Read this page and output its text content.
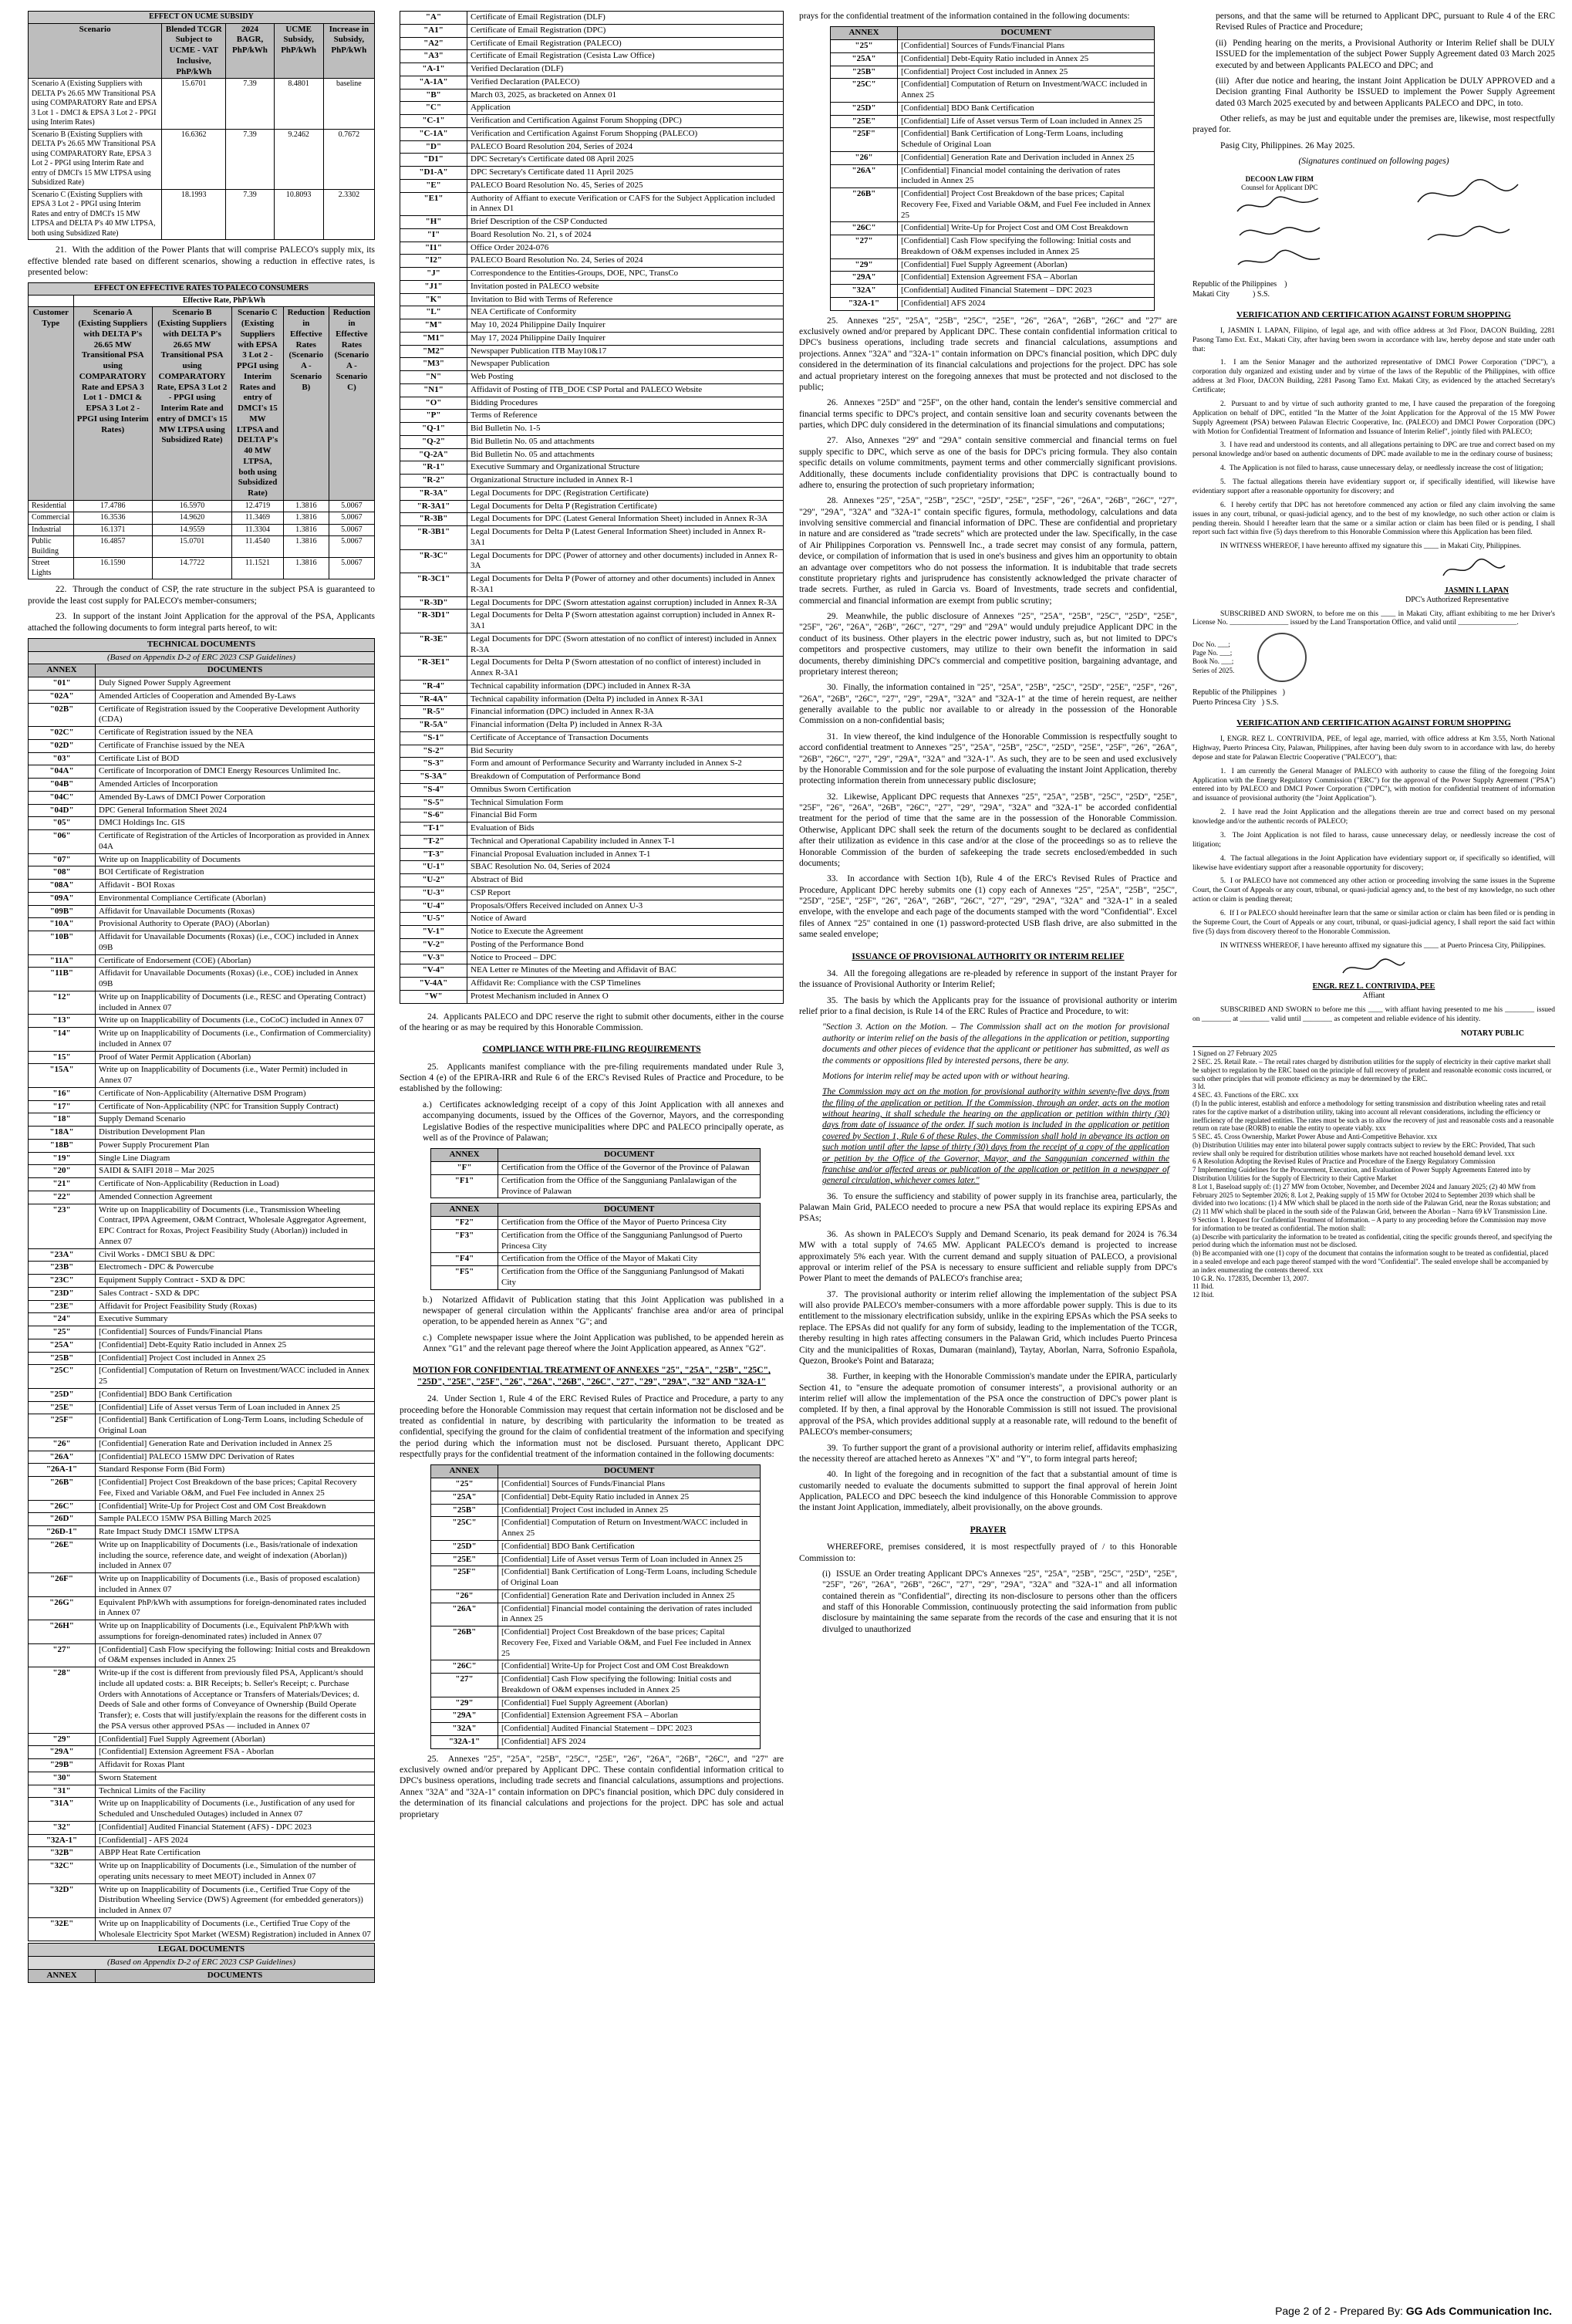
EFFECT ON UCME SUBSIDY				
Scenario	Blended TCGR Subject to UCME - VAT Inclusive, PhP/kWh	2024 BAGR, PhP/kWh	UCME Subsidy, PhP/kWh	Increase in Subsidy, PhP/kWh
Scenario A (Existing Suppliers with DELTA P's 26.65 MW Transitional PSA using COMPARATORY Rate and EPSA 3 Lot 1 - DMCI & EPSA 3 Lot 2 - PPGI using Interim Rates)	15.6701	7.39	8.4801	baseline
Scenario B (Existing Suppliers with DELTA P's 26.65 MW Transitional PSA using COMPARATORY Rate, EPSA 3 Lot 2 - PPGI using Interim Rate and entry of DMCI's 15 MW LTPSA using Subsidized Rate)	16.6362	7.39	9.2462	0.7672
Scenario C (Existing Suppliers with EPSA 3 Lot 2 - PPGI using Interim Rates and entry of DMCI's 15 MW LTPSA and DELTA P's 40 MW LTPSA, both using Subsidized Rate)	18.1993	7.39	10.8093	2.3302

21.  With the addition of the Power Plants that will comprise PALECO's supply mix, its effective blended rate based on different scenarios, showing a reduction in effective rates, is presented below:

EFFECT ON EFFECTIVE RATES TO PALECO CONSUMERS					
	Effective Rate, PhP/kWh				
Customer Type	Scenario A (Existing Suppliers with DELTA P's 26.65 MW Transitional PSA using COMPARATORY Rate and EPSA 3 Lot 1 - DMCI & EPSA 3 Lot 2 - PPGI using Interim Rates)	Scenario B (Existing Suppliers with DELTA P's 26.65 MW Transitional PSA using COMPARATORY Rate, EPSA 3 Lot 2 - PPGI using Interim Rate and entry of DMCI's 15 MW LTPSA using Subsidized Rate)	Scenario C (Existing Suppliers with EPSA 3 Lot 2 - PPGI using Interim Rates and entry of DMCI's 15 MW LTPSA and DELTA P's 40 MW LTPSA, both using Subsidized Rate)	Reduction in Effective Rates (Scenario A - Scenario B)	Reduction in Effective Rates (Scenario A - Scenario C)
Residential	17.4786	16.5970	12.4719	1.3816	5.0067
Commercial	16.3536	14.9620	11.3469	1.3816	5.0067
Industrial	16.1371	14.9559	11.3304	1.3816	5.0067
Public Building	16.4857	15.0701	11.4540	1.3816	5.0067
Street Lights	16.1590	14.7722	11.1521	1.3816	5.0067

22.  Through the conduct of CSP, the rate structure in the subject PSA is guaranteed to provide the least cost supply for PALECO's member-consumers;

23.  In support of the instant Joint Application for the approval of the PSA, Applicants attached the following documents to form integral parts hereof, to wit:

TECHNICAL DOCUMENTS	
(Based on Appendix D-2 of ERC 2023 CSP Guidelines)	
ANNEX	DOCUMENTS
"01"	Duly Signed Power Supply Agreement
"02A"	Amended Articles of Cooperation and Amended By-Laws
"02B"	Certificate of Registration issued by the Cooperative Development Authority (CDA)
"02C"	Certificate of Registration issued by the NEA
"02D"	Certificate of Franchise issued by the NEA
"03"	Certificate List of BOD
"04A"	Certificate of Incorporation of DMCI Energy Resources Unlimited Inc.
"04B"	Amended Articles of Incorporation
"04C"	Amended By-Laws of DMCI Power Corporation
"04D"	DPC General Information Sheet 2024
"05"	DMCI Holdings Inc. GIS
"06"	Certificate of Registration of the Articles of Incorporation as provided in Annex 04A
"07"	Write up on Inapplicability of Documents
"08"	BOI Certificate of Registration
"08A"	Affidavit - BOI Roxas
"09A"	Environmental Compliance Certificate (Aborlan)
"09B"	Affidavit for Unavailable Documents (Roxas)
"10A"	Provisional Authority to Operate (PAO) (Aborlan)
"10B"	Affidavit for Unavailable Documents (Roxas) (i.e., COC) included in Annex 09B
"11A"	Certificate of Endorsement (COE) (Aborlan)
"11B"	Affidavit for Unavailable Documents (Roxas) (i.e., COE) included in Annex 09B
"12"	Write up on Inapplicability of Documents (i.e., RESC and Operating Contract) included in Annex 07
"13"	Write up on Inapplicability of Documents (i.e., CoCoC) included in Annex 07
"14"	Write up on Inapplicability of Documents (i.e., Confirmation of Commerciality) included in Annex 07
"15"	Proof of Water Permit Application (Aborlan)
"15A"	Write up on Inapplicability of Documents (i.e., Water Permit) included in Annex 07
"16"	Certificate of Non-Applicability (Alternative DSM Program)
"17"	Certificate of Non-Applicability (NPC for Transition Supply Contract)
"18"	Supply Demand Scenario
"18A"	Distribution Development Plan
"18B"	Power Supply Procurement Plan
"19"	Single Line Diagram
"20"	SAIDI & SAIFI 2018 – Mar 2025
"21"	Certificate of Non-Applicability (Reduction in Load)
"22"	Amended Connection Agreement
"23"	Write up on Inapplicability of Documents (i.e., Transmission Wheeling Contract, IPPA Agreement, O&M Contract, Wholesale Aggregator Agreement, EPC Contract for Roxas, Project Feasibility Study (Aborlan)) included in Annex 07
"23A"	Civil Works - DMCI SBU & DPC
"23B"	Electromech - DPC & Powercube
"23C"	Equipment Supply Contract - SXD & DPC
"23D"	Sales Contract - SXD & DPC
"23E"	Affidavit for Project Feasibility Study (Roxas)
"24"	Executive Summary
"25"	[Confidential] Sources of Funds/Financial Plans
"25A"	[Confidential] Debt-Equity Ratio included in Annex 25
"25B"	[Confidential] Project Cost included in Annex 25
"25C"	[Confidential] Computation of Return on Investment/WACC included in Annex 25
"25D"	[Confidential] BDO Bank Certification
"25E"	[Confidential] Life of Asset versus Term of Loan included in Annex 25
"25F"	[Confidential] Bank Certification of Long-Term Loans, including Schedule of Original Loan
"26"	[Confidential] Generation Rate and Derivation included in Annex 25
"26A"	[Confidential] PALECO 15MW DPC Derivation of Rates
"26A-1"	Standard Response Form (Bid Form)
"26B"	[Confidential] Project Cost Breakdown of the base prices; Capital Recovery Fee, Fixed and Variable O&M, and Fuel Fee included in Annex 25
"26C"	[Confidential] Write-Up for Project Cost and OM Cost Breakdown
"26D"	Sample PALECO 15MW PSA Billing March 2025
"26D-1"	Rate Impact Study DMCI 15MW LTPSA
"26E"	Write up on Inapplicability of Documents (i.e., Basis/rationale of indexation including the source, reference date, and weight of indexation (Aborlan)) included in Annex 07
"26F"	Write up on Inapplicability of Documents (i.e., Basis of proposed escalation) included in Annex 07
"26G"	Equivalent PhP/kWh with assumptions for foreign-denominated rates included in Annex 07
"26H"	Write up on Inapplicability of Documents (i.e., Equivalent PhP/kWh with assumptions for foreign-denominated rates) included in Annex 07
"27"	[Confidential] Cash Flow specifying the following: Initial costs and Breakdown of O&M expenses included in Annex 25
"28"	Write-up if the cost is different from previously filed PSA, Applicant/s should include all updated costs: a. BIR Receipts; b. Seller's Receipt; c. Purchase Orders with Annotations of Acceptance or Transfers of Materials/Devices; d. Deeds of Sale and other forms of Conveyance of Ownership (Build Operate Transfer); e. Costs that will justify/explain the reasons for the different costs in the PSA versus other approved PSAs — included in Annex 07
"29"	[Confidential] Fuel Supply Agreement (Aborlan)
"29A"	[Confidential] Extension Agreement FSA - Aborlan
"29B"	Affidavit for Roxas Plant
"30"	Sworn Statement
"31"	Technical Limits of the Facility
"31A"	Write up on Inapplicability of Documents (i.e., Justification of any used for Scheduled and Unscheduled Outages) included in Annex 07
"32"	[Confidential] Audited Financial Statement (AFS) - DPC 2023
"32A-1"	[Confidential] - AFS 2024
"32B"	ABPP Heat Rate Certification
"32C"	Write up on Inapplicability of Documents (i.e., Simulation of the number of operating units necessary to meet MEOT) included in Annex 07
"32D"	Write up on Inapplicability of Documents (i.e., Certified True Copy of the Distribution Wheeling Service (DWS) Agreement (for embedded generators)) included in Annex 07
"32E"	Write up on Inapplicability of Documents (i.e., Certified True Copy of the Wholesale Electricity Spot Market (WESM) Registration) included in Annex 07
LEGAL DOCUMENTS
(Based on Appendix D-2 of ERC 2023 CSP Guidelines)
ANNEX	DOCUMENTS
"A"	Certificate of Email Registration (DLF)
"A1"	Certificate of Email Registration (DPC)
"A2"	Certificate of Email Registration (PALECO)
"A3"	Certificate of Email Registration (Cesista Law Office)
"A-1"	Verified Declaration (DLF)
"A-1A"	Verified Declaration (PALECO)
"B"	March 03, 2025, as bracketed on Annex 01
"C"	Application
"C-1"	Verification and Certification Against Forum Shopping (DPC)
"C-1A"	Verification and Certification Against Forum Shopping (PALECO)
"D"	PALECO Board Resolution 204, Series of 2024
"D1"	DPC Secretary's Certificate dated 08 April 2025
"D1-A"	DPC Secretary's Certificate dated 11 April 2025
"E"	PALECO Board Resolution No. 45, Series of 2025
"E1"	Authority of Affiant to execute Verification or CAFS for the Subject Application included in Annex D1
"H"	Brief Description of the CSP Conducted
"I"	Board Resolution No. 21, s of 2024
"I1"	Office Order 2024-076
"I2"	PALECO Board Resolution No. 24, Series of 2024
"J"	Correspondence to the Entities-Groups, DOE, NPC, TransCo
"J1"	Invitation posted in PALECO website
"K"	Invitation to Bid with Terms of Reference
"L"	NEA Certificate of Conformity
"M"	May 10, 2024 Philippine Daily Inquirer
"M1"	May 17, 2024 Philippine Daily Inquirer
"M2"	Newspaper Publication ITB May10&17
"M3"	Newspaper Publication
"N"	Web Posting
"N1"	Affidavit of Posting of ITB_DOE CSP Portal and PALECO Website
"O"	Bidding Procedures
"P"	Terms of Reference
"Q-1"	Bid Bulletin No. 1-5
"Q-2"	Bid Bulletin No. 05 and attachments
"Q-2A"	Bid Bulletin No. 05 and attachments
"R-1"	Executive Summary and Organizational Structure
"R-2"	Organizational Structure included in Annex R-1
"R-3A"	Legal Documents for DPC (Registration Certificate)
"R-3A1"	Legal Documents for Delta P (Registration Certificate)
"R-3B"	Legal Documents for DPC (Latest General Information Sheet) included in Annex R-3A
"R-3B1"	Legal Documents for Delta P (Latest General Information Sheet) included in Annex R-3A1
"R-3C"	Legal Documents for DPC (Power of attorney and other documents) included in Annex R-3A
"R-3C1"	Legal Documents for Delta P (Power of attorney and other documents) included in Annex R-3A1
"R-3D"	Legal Documents for DPC (Sworn attestation against corruption) included in Annex R-3A
"R-3D1"	Legal Documents for Delta P (Sworn attestation against corruption) included in Annex R-3A1
"R-3E"	Legal Documents for DPC (Sworn attestation of no conflict of interest) included in Annex R-3A
"R-3E1"	Legal Documents for Delta P (Sworn attestation of no conflict of interest) included in Annex R-3A1
"R-4"	Technical capability information (DPC) included in Annex R-3A
"R-4A"	Technical capability information (Delta P) included in Annex R-3A1
"R-5"	Financial information (DPC) included in Annex R-3A
"R-5A"	Financial information (Delta P) included in Annex R-3A
"S-1"	Certificate of Acceptance of Transaction Documents
"S-2"	Bid Security
"S-3"	Form and amount of Performance Security and Warranty included in Annex S-2
"S-3A"	Breakdown of Computation of Performance Bond
"S-4"	Omnibus Sworn Certification
"S-5"	Technical Simulation Form
"S-6"	Financial Bid Form
"T-1"	Evaluation of Bids
"T-2"	Technical and Operational Capability included in Annex T-1
"T-3"	Financial Proposal Evaluation included in Annex T-1
"U-1"	SBAC Resolution No. 04, Series of 2024
"U-2"	Abstract of Bid
"U-3"	CSP Report
"U-4"	Proposals/Offers Received included on Annex U-3
"U-5"	Notice of Award
"V-1"	Notice to Execute the Agreement
"V-2"	Posting of the Performance Bond
"V-3"	Notice to Proceed – DPC
"V-4"	NEA Letter re Minutes of the Meeting and Affidavit of BAC
"V-4A"	Affidavit Re: Compliance with the CSP Timelines
"W"	Protest Mechanism included in Annex O

24.  Applicants PALECO and DPC reserve the right to submit other documents, either in the course of the hearing or as may be required by this Honorable Commission.

COMPLIANCE WITH PRE-FILING REQUIREMENTS

25.  Applicants manifest compliance with the pre-filing requirements mandated under Rule 3, Section 4 (e) of the EPIRA-IRR and Rule 6 of the ERC's Revised Rules of Practice and Procedure, to be established by the following:

a.)  Certificates acknowledging receipt of a copy of this Joint Application with all annexes and accompanying documents, issued by the Offices of the Governor, Mayors, and the corresponding Legislative Bodies of the respective municipalities where DPC and PALECO principally operate, as well as of the Province of Palawan;

ANNEX	DOCUMENT
"F"	Certification from the Office of the Governor of the Province of Palawan
"F1"	Certification from the Office of the Sangguniang Panlalawigan of the Province of Palawan
ANNEX	DOCUMENT
"F2"	Certification from the Office of the Mayor of Puerto Princesa City
"F3"	Certification from the Office of the Sangguniang Panlungsod of Puerto Princesa City
"F4"	Certification from the Office of the Mayor of Makati City
"F5"	Certification from the Office of the Sangguniang Panlungsod of Makati City

b.)  Notarized Affidavit of Publication stating that this Joint Application was published in a newspaper of general circulation within the Applicants' franchise area and/or area of principal operation, to be appended herein as Annex "G"; and

c.)  Complete newspaper issue where the Joint Application was published, to be appended herein as Annex "G1" and the relevant page thereof where the Joint Application appeared, as Annex "G2".

MOTION FOR CONFIDENTIAL TREATMENT OF ANNEXES "25", "25A", "25B", "25C", "25D", "25E", "25F", "26", "26A", "26B", "26C", "27", "29", "29A", "32" AND "32A-1"

24.  Under Section 1, Rule 4 of the ERC Revised Rules of Practice and Procedure, a party to any proceeding before the Honorable Commission may request that certain information not be disclosed and be treated as confidential in nature, by describing with particularity the information to be treated as confidential, specifying the ground for the claim of confidential treatment of the information and specifying the period during which the information must not be disclosed. Pursuant thereto, Applicant DPC respectfully prays for the confidential treatment of the information contained in the following documents:

ANNEX	DOCUMENT
"25"	[Confidential] Sources of Funds/Financial Plans
"25A"	[Confidential] Debt-Equity Ratio included in Annex 25
"25B"	[Confidential] Project Cost included in Annex 25
"25C"	[Confidential] Computation of Return on Investment/WACC included in Annex 25
"25D"	[Confidential] BDO Bank Certification
"25E"	[Confidential] Life of Asset versus Term of Loan included in Annex 25
"25F"	[Confidential] Bank Certification of Long-Term Loans, including Schedule of Original Loan
"26"	[Confidential] Generation Rate and Derivation included in Annex 25
"26A"	[Confidential] Financial model containing the derivation of rates included in Annex 25
"26B"	[Confidential] Project Cost Breakdown of the base prices; Capital Recovery Fee, Fixed and Variable O&M, and Fuel Fee included in Annex 25
"26C"	[Confidential] Write-Up for Project Cost and OM Cost Breakdown
"27"	[Confidential] Cash Flow specifying the following: Initial costs and Breakdown of O&M expenses included in Annex 25
"29"	[Confidential] Fuel Supply Agreement (Aborlan)
"29A"	[Confidential] Extension Agreement FSA – Aborlan
"32A"	[Confidential] Audited Financial Statement – DPC 2023
"32A-1"	[Confidential] AFS 2024

25.  Annexes "25", "25A", "25B", "25C", "25E", "26", "26A", "26B", "26C", and "27" are exclusively owned and/or prepared by Applicant DPC. These contain confidential information critical to DPC's business operations, including trade secrets and financial calculations, assumptions and projections. Annex "32A" and "32A-1" contain information on DPC's financial position, which DPC duly considered in the determination of its financial calculations and projections for the project. DPC has sole and actual proprietary

prays for the confidential treatment of the information contained in the following documents:

ANNEX	DOCUMENT
"25"	[Confidential] Sources of Funds/Financial Plans
"25A"	[Confidential] Debt-Equity Ratio included in Annex 25
"25B"	[Confidential] Project Cost included in Annex 25
"25C"	[Confidential] Computation of Return on Investment/WACC included in Annex 25
"25D"	[Confidential] BDO Bank Certification
"25E"	[Confidential] Life of Asset versus Term of Loan included in Annex 25
"25F"	[Confidential] Bank Certification of Long-Term Loans, including Schedule of Original Loan
"26"	[Confidential] Generation Rate and Derivation included in Annex 25
"26A"	[Confidential] Financial model containing the derivation of rates included in Annex 25
"26B"	[Confidential] Project Cost Breakdown of the base prices; Capital Recovery Fee, Fixed and Variable O&M, and Fuel Fee included in Annex 25
"26C"	[Confidential] Write-Up for Project Cost and OM Cost Breakdown
"27"	[Confidential] Cash Flow specifying the following: Initial costs and Breakdown of O&M expenses included in Annex 25
"29"	[Confidential] Fuel Supply Agreement (Aborlan)
"29A"	[Confidential] Extension Agreement FSA – Aborlan
"32A"	[Confidential] Audited Financial Statement – DPC 2023
"32A-1"	[Confidential] AFS 2024

25.  Annexes "25", "25A", "25B", "25C", "25E", "26", "26A", "26B", "26C" and "27" are exclusively owned and/or prepared by Applicant DPC. These contain confidential information critical to DPC's business operations, including trade secrets and financial calculations, assumptions and projections. Annex "32A" and "32A-1" contain information on DPC's financial position, which DPC duly considered in the determination of its financial calculations and projections for the project. DPC has sole and actual proprietary interest on the foregoing annexes that must be protected and not disclosed to the public;

26.  Annexes "25D" and "25F", on the other hand, contain the lender's sensitive commercial and financial terms specific to DPC's project, and contain sensitive loan and security covenants between the parties, which DPC duly considered in the determination of its financial simulations and computations;

27.  Also, Annexes "29" and "29A" contain sensitive commercial and financial terms on fuel supply specific to DPC, which serve as one of the basis for DPC's pricing formula. They also contain specific details on volume commitments, payment terms and other commercially significant provisions. Additionally, these documents include confidentiality provisions that DPC is contractually bound to adhere to, ensuring the protection of such proprietary information;

28.  Annexes "25", "25A", "25B", "25C", "25D", "25E", "25F", "26", "26A", "26B", "26C", "27", "29", "29A", "32A" and "32A-1" contain specific figures, formula, methodology, calculations and data involving sensitive commercial and financial information of DPC. These are confidential and proprietary in nature and are considered as "trade secrets" which are protected under the law. Specifically, in the case of Air Philippines Corporation vs. Pennswell Inc., a trade secret may consist of any formula, pattern, device, or compilation of information that is used in one's business and gives him an opportunity to obtain an advantage over competitors who do not possess the information. It is indubitable that trade secrets constitute proprietary rights and jurisprudence has consistently acknowledged the private character of trade secrets. Further, as ruled in Garcia vs. Board of Investments, trade secrets and confidential, commercial and financial information are exempt from public scrutiny;

29.  Meanwhile, the public disclosure of Annexes "25", "25A", "25B", "25C", "25D", "25E", "25F", "26", "26A", "26B", "26C", "27", "29" and "29A" would unduly prejudice Applicant DPC in the conduct of its business. Other players in the electric power industry, such as, but not limited to DPC's competitors and prospective customers, may utilize to their own benefit the information in said documents, thereby diminishing DPC's commercial and competitive position, bargaining advantage, and proprietary interest thereon;

30.  Finally, the information contained in "25", "25A", "25B", "25C", "25D", "25E", "25F", "26", "26A", "26B", "26C", "27", "29", "29A", "32A" and "32A-1" at the time of herein request, are neither generally available to the public nor available to or already in the possession of the Honorable Commission on a non-confidential basis;

31.  In view thereof, the kind indulgence of the Honorable Commission is respectfully sought to accord confidential treatment to Annexes "25", "25A", "25B", "25C", "25D", "25E", "25F", "26", "26A", "26B", "26C", "27", "29", "29A", "32A" and "32A-1". As such, they are to be seen and used exclusively by the Honorable Commission and for the sole purpose of evaluating the instant Joint Application, thereby protecting information therein from unnecessary public disclosure;

32.  Likewise, Applicant DPC requests that Annexes "25", "25A", "25B", "25C", "25D", "25E", "25F", "26", "26A", "26B", "26C", "27", "29", "29A", "32A" and "32A-1" be accorded confidential treatment for the period of time that the same are in the possession of the Honorable Commission. Otherwise, Applicant DPC shall seek the return of the documents sought to be declared as confidential after their utilization as evidence in this case and/or at the close of the proceedings so as to relieve the Honorable Commission of the burden of safekeeping the trade secrets enclosed/embedded in such documents;

33.  In accordance with Section 1(b), Rule 4 of the ERC's Revised Rules of Practice and Procedure, Applicant DPC hereby submits one (1) copy each of Annexes "25", "25A", "25B", "25C", "25D", "25E", "25F", "26", "26A", "26B", "26C", "27", "29", "29A", "32A" and "32A-1" in a sealed envelope, with the envelope and each page of the documents stamped with the word "Confidential". Excel files of Annex "25" contained in one (1) password-protected USB flash drive, are also submitted in the same sealed envelope;

ISSUANCE OF PROVISIONAL AUTHORITY OR INTERIM RELIEF

34.  All the foregoing allegations are re-pleaded by reference in support of the instant Prayer for the issuance of Provisional Authority or Interim Relief;

35.  The basis by which the Applicants pray for the issuance of provisional authority or interim relief prior to a final decision, is Rule 14 of the ERC Rules of Practice and Procedure, to wit:

"Section 3. Action on the Motion. – The Commission shall act on the motion for provisional authority or interim relief on the basis of the allegations in the application or petition, supporting documents and other pieces of evidence that the applicant or petitioner has submitted, as well as the comments or oppositions filed by interested persons, there be any.

Motions for interim relief may be acted upon with or without hearing.

The Commission may act on the motion for provisional authority within seventy-five days from the filing of the application or petition. If the Commission, through an order, acts on the motion without hearing, it shall schedule the hearing on the application or petition within thirty (30) days from date of issuance of the order. If such motion is included in the application or petition covered by Section 1, Rule 6 of these Rules, the Commission shall hold in abeyance its action on such motion until after the lapse of thirty (30) days from the receipt of a copy of the application or petition by the Office of the Governor, Mayor, and the Sanggunian concerned within the franchise and/or affected areas or publication of the application or petition in a newspaper of general circulation, whichever comes later."

36.  To ensure the sufficiency and stability of power supply in its franchise area, particularly, the Palawan Main Grid, PALECO needed to procure a new PSA that would replace its expiring EPSAs and PSAs;

36.  As shown in PALECO's Supply and Demand Scenario, its peak demand for 2024 is 76.34 MW with a total supply of 74.65 MW. Applicant PALECO's demand is projected to increase approximately 5% each year. With the current demand and supply situation of PALECO, a provisional approval or interim relief of the PSA is necessary to ensure sufficient and reliable supply from DPC's Power Plant to meet the demands of PALECO's franchise area;

37.  The provisional authority or interim relief allowing the implementation of the subject PSA will also provide PALECO's member-consumers with a more affordable power supply. This is due to its entitlement to the missionary electrification subsidy, unlike in the expiring EPSAs which the PSA seeks to replace. The EPSAs did not qualify for any form of subsidy, leading to the implementation of the TCGR, thereby resulting in high rates affecting consumers in the Palawan Grid, which includes Puerto Princesa City and the municipalities of Roxas, Dumaran (mainland), Taytay, Aborlan, Narra, Sofronio Española, Quezon, Brooke's Point and Bataraza;

38.  Further, in keeping with the Honorable Commission's mandate under the EPIRA, particularly Section 41, to "ensure the adequate promotion of consumer interests", a provisional authority or an interim relief will allow the implementation of the PSA once the construction of DPC's power plant is completed. If by then, a final approval by the Honorable Commission is still not issued. The provisional approval of the PSA, which provides additional supply at a reasonable rate, will redound to the benefit of PALECO's member-consumers;

39.  To further support the grant of a provisional authority or interim relief, affidavits emphasizing the necessity thereof are attached hereto as Annexes "X" and "Y", to form integral parts hereof;

40.  In light of the foregoing and in recognition of the fact that a substantial amount of time is customarily needed to evaluate the documents submitted to support the final approval of herein Joint Application, PALECO and DPC beseech the kind indulgence of this Honorable Commission to approve the instant Joint Application, immediately, albeit provisionally, on the above grounds.

PRAYER

WHEREFORE, premises considered, it is most respectfully prayed of / to this Honorable Commission to:

(i)  ISSUE an Order treating Applicant DPC's Annexes "25", "25A", "25B", "25C", "25D", "25E", "25F", "26", "26A", "26B", "26C", "27", "29", "29A", "32A" and "32A-1" and all information contained therein as "Confidential", directing its non-disclosure to persons other than the officers and staff of this Honorable Commission, continuously protecting the said information from public disclosure by maintaining the same separate from the records of the case and ensuring that it is not divulged to unauthorized

persons, and that the same will be returned to Applicant DPC, pursuant to Rule 4 of the ERC Revised Rules of Practice and Procedure;

(ii)  Pending hearing on the merits, a Provisional Authority or Interim Relief shall be DULY ISSUED for the implementation of the subject Power Supply Agreement dated 03 March 2025 executed by and between Applicants PALECO and DPC; and

(iii)  After due notice and hearing, the instant Joint Application be DULY APPROVED and a Decision granting Final Authority be ISSUED to implement the Power Supply Agreement dated 03 March 2025 executed by and between Applicants PALECO and DPC, in toto.

Other reliefs, as may be just and equitable under the premises are, likewise, most respectfully prayed for.

Pasig City, Philippines. 26 May 2025.

(Signatures continued on following pages)

DECOON LAW FIRM
Counsel for Applicant DPC
Republic of the Philippines    )
Makati City            ) S.S.
VERIFICATION AND CERTIFICATION AGAINST FORUM SHOPPING

I, JASMIN I. LAPAN, Filipino, of legal age, and with office address at 3rd Floor, DACON Building, 2281 Pasong Tamo Ext. Ext., Makati City, after having been sworn in accordance with law, hereby depose and state under oath that:

1.  I am the Senior Manager and the authorized representative of DMCI Power Corporation ("DPC"), a corporation duly organized and existing under and by virtue of the laws of the Republic of the Philippines, with office address at 3rd Floor, DACON Building, 2281 Pasong Tamo Ext. Makati City, as evidenced by the attached Secretary's Certificate;

2.  Pursuant to and by virtue of such authority granted to me, I have caused the preparation of the foregoing Application on behalf of DPC, entitled "In the Matter of the Joint Application for the Approval of the 15 MW Power Supply Agreement (PSA) between Palawan Electric Cooperative, Inc. (PALECO) and DMCI Power Corporation (DPC) with Motion for Confidential Treatment of Information and Issuance of Interim Relief", jointly filed with PALECO;

3.  I have read and understood its contents, and all allegations pertaining to DPC are true and correct based on my personal knowledge and/or based on authentic documents of DPC made available to me in the ordinary course of business;

4.  The Application is not filed to harass, cause unnecessary delay, or needlessly increase the cost of litigation;

5.  The factual allegations therein have evidentiary support or, if specifically identified, will likewise have evidentiary support after a reasonable opportunity for discovery; and

6.  I hereby certify that DPC has not heretofore commenced any action or filed any claim involving the same issues in any court, tribunal, or quasi-judicial agency, and to the best of my knowledge, no such other action or claim is pending therein. Should I hereafter learn that the same or a similar action or claim has been filed or is pending, I shall report such fact within five (5) days therefrom to this Honorable Commission where this Application has been filed.

IN WITNESS WHEREOF, I have hereunto affixed my signature this ____ in Makati City, Philippines.

JASMIN I. LAPAN
DPC's Authorized Representative

SUBSCRIBED AND SWORN, to before me on this ____ in Makati City, affiant exhibiting to me her Driver's License No. ________________ issued by the Land Transportation Office, and valid until ________________.

Doc No. ___;
Page No. ___;
Book No. ___;
Series of 2025.
Republic of the Philippines   )
Puerto Princesa City   ) S.S.
VERIFICATION AND CERTIFICATION AGAINST FORUM SHOPPING

I, ENGR. REZ L. CONTRIVIDA, PEE, of legal age, married, with office address at Km 3.55, North National Highway, Puerto Princesa City, Palawan, Philippines, after having been duly sworn to in accordance with law, do hereby depose and state for Palawan Electric Cooperative ("PALECO"), that:

1.  I am currently the General Manager of PALECO with authority to cause the filing of the foregoing Joint Application with the Energy Regulatory Commission ("ERC") for the approval of the Power Supply Agreement ("PSA") entered into by PALECO and DMCI Power Corporation ("DPC"), with motion for confidential treatment of information and issuance of provisional authority (the "Joint Application").

2.  I have read the Joint Application and the allegations therein are true and correct based on my personal knowledge and/or the authentic records of PALECO;

3.  The Joint Application is not filed to harass, cause unnecessary delay, or needlessly increase the cost of litigation;

4.  The factual allegations in the Joint Application have evidentiary support or, if specifically so identified, will likewise have evidentiary support after a reasonable opportunity for discovery;

5.  I or PALECO have not commenced any other action or proceeding involving the same issues in the Supreme Court, the Court of Appeals or any court, tribunal, or quasi-judicial agency and, to the best of my knowledge, no such other action or claim is pending thereat;

6.  If I or PALECO should hereinafter learn that the same or similar action or claim has been filed or is pending in the Supreme Court, the Court of Appeals or any court, tribunal, or quasi-judicial agency, I shall report the said fact within five (5) days from discovery thereof to the Honorable Commission.

IN WITNESS WHEREOF, I have hereunto affixed my signature this ____ at Puerto Princesa City, Philippines.

ENGR. REZ L. CONTRIVIDA, PEE
Affiant

SUBSCRIBED AND SWORN to before me this ____ with affiant having presented to me his ________ issued on ________ at ________ valid until ________ as competent and reliable evidence of his identity.

NOTARY PUBLIC
1 Signed on 27 February 2025
2 SEC. 25. Retail Rate. – The retail rates charged by distribution utilities for the supply of electricity in their captive market shall be subject to regulation by the ERC based on the principle of full recovery of prudent and reasonable economic costs incurred, or such other principles that will promote efficiency as may be determined by the ERC.
3 Id.
4 SEC. 43. Functions of the ERC. xxx
(f) In the public interest, establish and enforce a methodology for setting transmission and distribution wheeling rates and retail rates for the captive market of a distribution utility, taking into account all relevant considerations, including the efficiency or inefficiency of the regulated entities. The rates must be such as to allow the recovery of just and reasonable costs and a reasonable return on rate base (RORB) to enable the entity to operate viably. xxx
5 SEC. 45. Cross Ownership, Market Power Abuse and Anti-Competitive Behavior. xxx
(b) Distribution Utilities may enter into bilateral power supply contracts subject to review by the ERC: Provided, That such review shall only be required for distribution utilities whose markets have not reached household demand level. xxx
6 A Resolution Adopting the Revised Rules of Practice and Procedure of the Energy Regulatory Commission
7 Implementing Guidelines for the Procurement, Execution, and Evaluation of Power Supply Agreements Entered into by Distribution Utilities for the Supply of Electricity to their Captive Market
8 Lot 1, Baseload supply of: (1) 27 MW from October, November, and December 2024 and January 2025; (2) 40 MW from February 2025 to September 2026; 8. Lot 2, Peaking supply of 15 MW for October 2024 to September 2039 which shall be divided into two locations: (1) 4 MW which shall be placed in the north side of the Palawan Grid, near the Roxas substation; and (2) 11 MW which shall be placed in the south side of the Palawan Grid, between the Aborlan – Narra 69 kV Transmission Line.
9 Section 1. Request for Confidential Treatment of Information. – A party to any proceeding before the Commission may move for information to be treated as confidential. The motion shall:
(a) Describe with particularity the information to be treated as confidential, citing the specific grounds thereof, and specifying the period during which the information must not be disclosed.
(b) Be accompanied with one (1) copy of the document that contains the information sought to be treated as confidential, placed in a sealed envelope and each page thereof stamped with the word "Confidential". The sealed envelope shall be accompanied by an index enumerating the contents thereof. xxx
10 G.R. No. 172835, December 13, 2007.
11 Ibid.
12 Ibid.
Page 2 of 2 - Prepared By: GG Ads Communication Inc.
